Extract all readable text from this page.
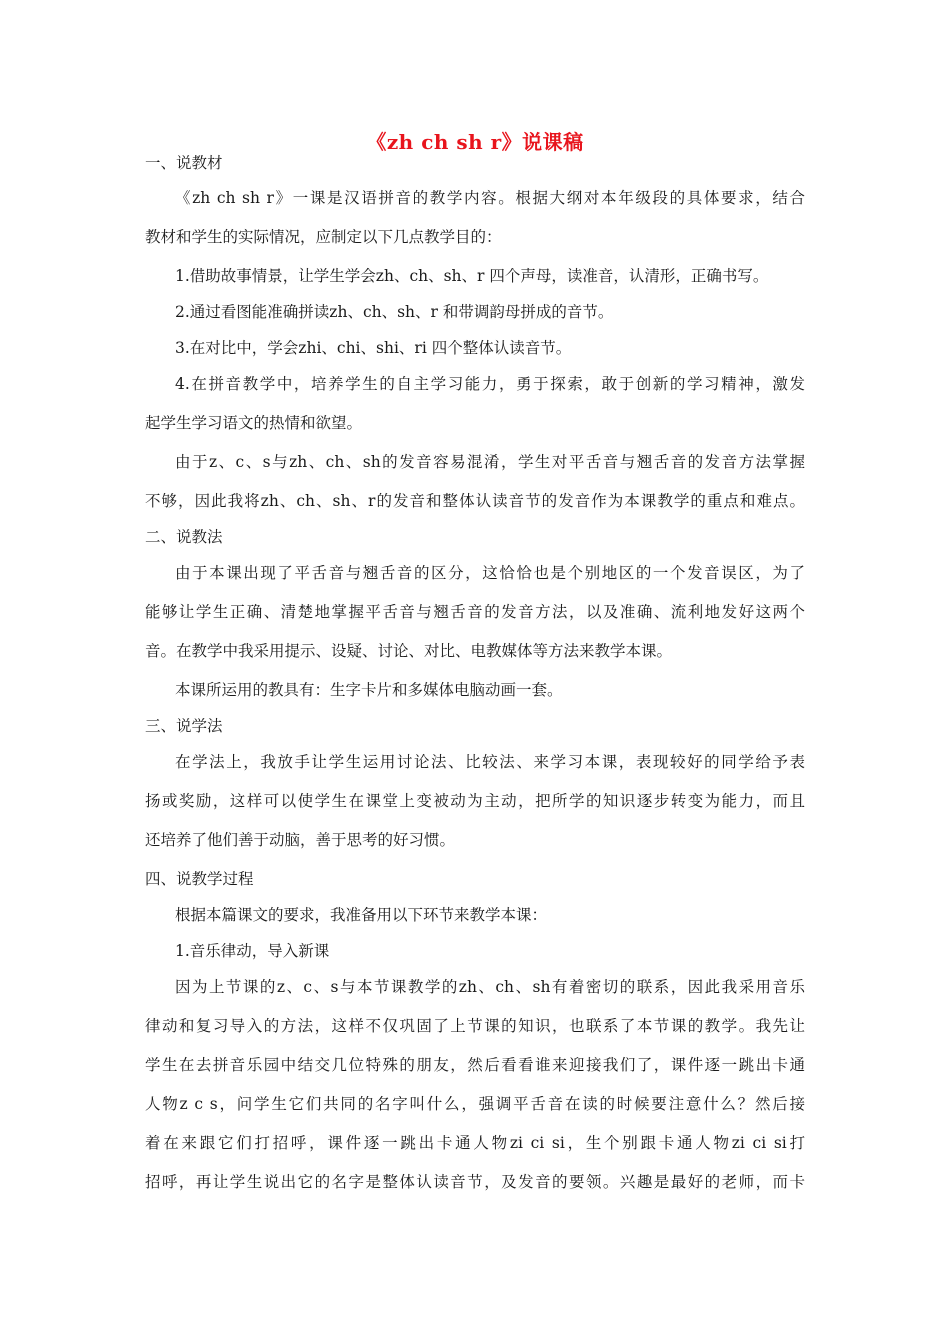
《zh ch sh r》说课稿
一、说教材
《zh ch sh r》一课是汉语拼音的教学内容。根据大纲对本年级段的具体要求，结合
教材和学生的实际情况，应制定以下几点教学目的：
1.借助故事情景，让学生学会zh、ch、sh、r 四个声母，读准音，认清形，正确书写。
2.通过看图能准确拼读zh、ch、sh、r 和带调韵母拼成的音节。
3.在对比中，学会zhi、chi、shi、ri 四个整体认读音节。
4.在拼音教学中，培养学生的自主学习能力，勇于探索，敢于创新的学习精神，激发
起学生学习语文的热情和欲望。
由于z、c、s与zh、ch、sh的发音容易混淆，学生对平舌音与翘舌音的发音方法掌握
不够，因此我将zh、ch、sh、r的发音和整体认读音节的发音作为本课教学的重点和难点。
二、说教法
由于本课出现了平舌音与翘舌音的区分，这恰恰也是个别地区的一个发音误区，为了
能够让学生正确、清楚地掌握平舌音与翘舌音的发音方法，以及准确、流利地发好这两个
音。在教学中我采用提示、设疑、讨论、对比、电教媒体等方法来教学本课。
本课所运用的教具有：生字卡片和多媒体电脑动画一套。
三、说学法
在学法上，我放手让学生运用讨论法、比较法、来学习本课，表现较好的同学给予表
扬或奖励，这样可以使学生在课堂上变被动为主动，把所学的知识逐步转变为能力，而且
还培养了他们善于动脑，善于思考的好习惯。
四、说教学过程
根据本篇课文的要求，我准备用以下环节来教学本课：
1.音乐律动，导入新课
因为上节课的z、c、s与本节课教学的zh、ch、sh有着密切的联系，因此我采用音乐
律动和复习导入的方法，这样不仅巩固了上节课的知识，也联系了本节课的教学。我先让
学生在去拼音乐园中结交几位特殊的朋友，然后看看谁来迎接我们了，课件逐一跳出卡通
人物z c s，问学生它们共同的名字叫什么，强调平舌音在读的时候要注意什么？然后接
着在来跟它们打招呼，课件逐一跳出卡通人物zi ci si，生个别跟卡通人物zi ci si打
招呼，再让学生说出它的名字是整体认读音节，及发音的要领。兴趣是最好的老师，而卡
